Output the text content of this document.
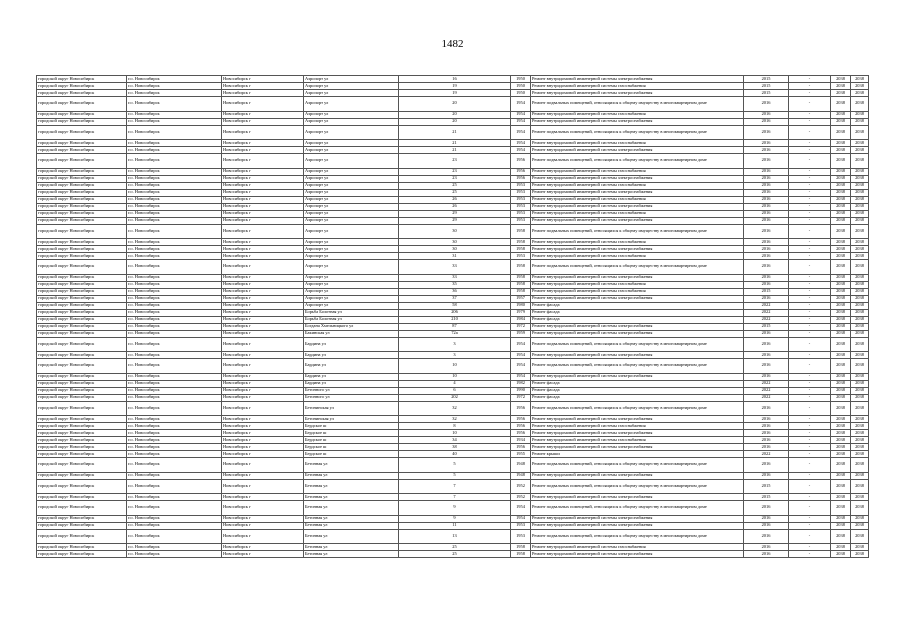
1482
городской округ Новосибирск	г.о. Новосибирск	Новосибирск г	Аэропорт ул	16	1950	Ремонт внутридомовой инженерной системы электроснабжения	2015	-	2038	2038
городской округ Новосибирск	г.о. Новосибирск	Новосибирск г	Аэропорт ул	19	1950	Ремонт внутридомовой инженерной системы газоснабжения	2015	-	2038	2038
городской округ Новосибирск	г.о. Новосибирск	Новосибирск г	Аэропорт ул	19	1950	Ремонт внутридомовой инженерной системы электроснабжения	2015	-	2038	2038
городской округ Новосибирск	г.о. Новосибирск	Новосибирск г	Аэропорт ул	20	1954	Ремонт подвальных помещений, относящихся к общему имуществу в многоквартирном доме	2016	-	2038	2038
городской округ Новосибирск	г.о. Новосибирск	Новосибирск г	Аэропорт ул	20	1954	Ремонт внутридомовой инженерной системы газоснабжения	2016	-	2038	2038
городской округ Новосибирск	г.о. Новосибирск	Новосибирск г	Аэропорт ул	20	1954	Ремонт внутридомовой инженерной системы электроснабжения	2016	-	2038	2038
городской округ Новосибирск	г.о. Новосибирск	Новосибирск г	Аэропорт ул	21	1954	Ремонт подвальных помещений, относящихся к общему имуществу в многоквартирном доме	2016	-	2038	2038
городской округ Новосибирск	г.о. Новосибирск	Новосибирск г	Аэропорт ул	21	1954	Ремонт внутридомовой инженерной системы газоснабжения	2016	-	2038	2038
городской округ Новосибирск	г.о. Новосибирск	Новосибирск г	Аэропорт ул	21	1954	Ремонт внутридомовой инженерной системы электроснабжения	2016	-	2038	2038
городской округ Новосибирск	г.о. Новосибирск	Новосибирск г	Аэропорт ул	23	1956	Ремонт подвальных помещений, относящихся к общему имуществу в многоквартирном доме	2016	-	2038	2038
городской округ Новосибирск	г.о. Новосибирск	Новосибирск г	Аэропорт ул	23	1956	Ремонт внутридомовой инженерной системы газоснабжения	2016	-	2038	2038
городской округ Новосибирск	г.о. Новосибирск	Новосибирск г	Аэропорт ул	23	1956	Ремонт внутридомовой инженерной системы электроснабжения	2016	-	2038	2038
городской округ Новосибирск	г.о. Новосибирск	Новосибирск г	Аэропорт ул	25	1953	Ремонт внутридомовой инженерной системы газоснабжения	2016	-	2038	2038
городской округ Новосибирск	г.о. Новосибирск	Новосибирск г	Аэропорт ул	25	1953	Ремонт внутридомовой инженерной системы электроснабжения	2016	-	2038	2038
городской округ Новосибирск	г.о. Новосибирск	Новосибирск г	Аэропорт ул	26	1953	Ремонт внутридомовой инженерной системы газоснабжения	2016	-	2038	2038
городской округ Новосибирск	г.о. Новосибирск	Новосибирск г	Аэропорт ул	26	1953	Ремонт внутридомовой инженерной системы электроснабжения	2016	-	2038	2038
городской округ Новосибирск	г.о. Новосибирск	Новосибирск г	Аэропорт ул	29	1953	Ремонт внутридомовой инженерной системы газоснабжения	2016	-	2038	2038
городской округ Новосибирск	г.о. Новосибирск	Новосибирск г	Аэропорт ул	29	1953	Ремонт внутридомовой инженерной системы электроснабжения	2016	-	2038	2038
городской округ Новосибирск	г.о. Новосибирск	Новосибирск г	Аэропорт ул	30	1958	Ремонт подвальных помещений, относящихся к общему имуществу в многоквартирном доме	2016	-	2038	2038
городской округ Новосибирск	г.о. Новосибирск	Новосибирск г	Аэропорт ул	30	1958	Ремонт внутридомовой инженерной системы газоснабжения	2016	-	2038	2038
городской округ Новосибирск	г.о. Новосибирск	Новосибирск г	Аэропорт ул	30	1958	Ремонт внутридомовой инженерной системы электроснабжения	2016	-	2038	2038
городской округ Новосибирск	г.о. Новосибирск	Новосибирск г	Аэропорт ул	31	1953	Ремонт внутридомовой инженерной системы газоснабжения	2016	-	2038	2038
городской округ Новосибирск	г.о. Новосибирск	Новосибирск г	Аэропорт ул	33	1958	Ремонт подвальных помещений, относящихся к общему имуществу в многоквартирном доме	2016	-	2038	2038
городской округ Новосибирск	г.о. Новосибирск	Новосибирск г	Аэропорт ул	33	1958	Ремонт внутридомовой инженерной системы электроснабжения	2016	-	2038	2038
городской округ Новосибирск	г.о. Новосибирск	Новосибирск г	Аэропорт ул	35	1958	Ремонт внутридомовой инженерной системы газоснабжения	2016	-	2038	2038
городской округ Новосибирск	г.о. Новосибирск	Новосибирск г	Аэропорт ул	36	1958	Ремонт внутридомовой инженерной системы газоснабжения	2015	-	2038	2038
городской округ Новосибирск	г.о. Новосибирск	Новосибирск г	Аэропорт ул	37	1957	Ремонт внутридомовой инженерной системы электроснабжения	2016	-	2038	2038
городской округ Новосибирск	г.о. Новосибирск	Новосибирск г	Аэропорт ул	58	1980	Ремонт фасада	2022	-	2038	2038
городской округ Новосибирск	г.о. Новосибирск	Новосибирск г	Борьба Болотная ул	206	1979	Ремонт фасада	2022	-	2038	2038
городской округ Новосибирск	г.о. Новосибирск	Новосибирск г	Борьба Болотная ул	210	1984	Ремонт фасада	2022	-	2038	2038
городской округ Новосибирск	г.о. Новосибирск	Новосибирск г	Богдана Хмельницкого ул	87	1972	Ремонт внутридомовой инженерной системы электроснабжения	2015	-	2038	2038
городской округ Новосибирск	г.о. Новосибирск	Новосибирск г	Бакинская ул	72а	1959	Ремонт внутридомовой инженерной системы электроснабжения	2016	-	2038	2038
городской округ Новосибирск	г.о. Новосибирск	Новосибирск г	Бардина ул	3	1954	Ремонт подвальных помещений, относящихся к общему имуществу в многоквартирном доме	2016	-	2038	2038
городской округ Новосибирск	г.о. Новосибирск	Новосибирск г	Бардина ул	3	1954	Ремонт внутридомовой инженерной системы электроснабжения	2016	-	2038	2038
городской округ Новосибирск	г.о. Новосибирск	Новосибирск г	Бардина ул	10	1954	Ремонт подвальных помещений, относящихся к общему имуществу в многоквартирном доме	2016	-	2038	2038
городской округ Новосибирск	г.о. Новосибирск	Новосибирск г	Бардина ул	10	1954	Ремонт внутридомовой инженерной системы электроснабжения	2016	-	2038	2038
городской округ Новосибирск	г.о. Новосибирск	Новосибирск г	Бардина ул	4	1982	Ремонт фасада	2022	-	2038	2038
городской округ Новосибирск	г.о. Новосибирск	Новосибирск г	Бетонного ул	6	1990	Ремонт фасада	2022	-	2038	2038
городской округ Новосибирск	г.о. Новосибирск	Новосибирск г	Бетонного ул	202	1972	Ремонт фасада	2022	-	2038	2038
городской округ Новосибирск	г.о. Новосибирск	Новосибирск г	Бетонинская ул	32	1956	Ремонт подвальных помещений, относящихся к общему имуществу в многоквартирном доме	2016	-	2038	2038
городской округ Новосибирск	г.о. Новосибирск	Новосибирск г	Бетонинская ул	32	1956	Ремонт внутридомовой инженерной системы электроснабжения	2016	-	2038	2038
городской округ Новосибирск	г.о. Новосибирск	Новосибирск г	Бердское ш	8	1956	Ремонт внутридомовой инженерной системы газоснабжения	2016	-	2038	2038
городской округ Новосибирск	г.о. Новосибирск	Новосибирск г	Бердское ш	10	1956	Ремонт внутридомовой инженерной системы электроснабжения	2016	-	2038	2038
городской округ Новосибирск	г.о. Новосибирск	Новосибирск г	Бердское ш	34	1934	Ремонт внутридомовой инженерной системы газоснабжения	2016	-	2038	2038
городской округ Новосибирск	г.о. Новосибирск	Новосибирск г	Бердское ш	38	1956	Ремонт внутридомовой инженерной системы электроснабжения	2016	-	2038	2038
городской округ Новосибирск	г.о. Новосибирск	Новосибирск г	Бердское ш	40	1955	Ремонт крыши	2022	-	2038	2038
городской округ Новосибирск	г.о. Новосибирск	Новосибирск г	Бетонная ул	5	1948	Ремонт подвальных помещений, относящихся к общему имуществу в многоквартирном доме	2016	-	2038	2038
городской округ Новосибирск	г.о. Новосибирск	Новосибирск г	Бетонная ул	5	1948	Ремонт внутридомовой инженерной системы электроснабжения	2016	-	2038	2038
городской округ Новосибирск	г.о. Новосибирск	Новосибирск г	Бетонная ул	7	1952	Ремонт подвальных помещений, относящихся к общему имуществу в многоквартирном доме	2015	-	2038	2038
городской округ Новосибирск	г.о. Новосибирск	Новосибирск г	Бетонная ул	7	1952	Ремонт внутридомовой инженерной системы электроснабжения	2015	-	2038	2038
городской округ Новосибирск	г.о. Новосибирск	Новосибирск г	Бетонная ул	9	1954	Ремонт подвальных помещений, относящихся к общему имуществу в многоквартирном доме	2016	-	2038	2038
городской округ Новосибирск	г.о. Новосибирск	Новосибирск г	Бетонная ул	9	1954	Ремонт внутридомовой инженерной системы электроснабжения	2016	-	2038	2038
городской округ Новосибирск	г.о. Новосибирск	Новосибирск г	Бетонная ул	11	1953	Ремонт внутридомовой инженерной системы электроснабжения	2016	-	2038	2038
городской округ Новосибирск	г.о. Новосибирск	Новосибирск г	Бетонная ул	13	1953	Ремонт подвальных помещений, относящихся к общему имуществу в многоквартирном доме	2016	-	2038	2038
городской округ Новосибирск	г.о. Новосибирск	Новосибирск г	Бетонная ул	25	1958	Ремонт внутридомовой инженерной системы газоснабжения	2016	-	2038	2038
городской округ Новосибирск	г.о. Новосибирск	Новосибирск г	Бетонная ул	25	1958	Ремонт внутридомовой инженерной системы электроснабжения	2016	-	2038	2038
